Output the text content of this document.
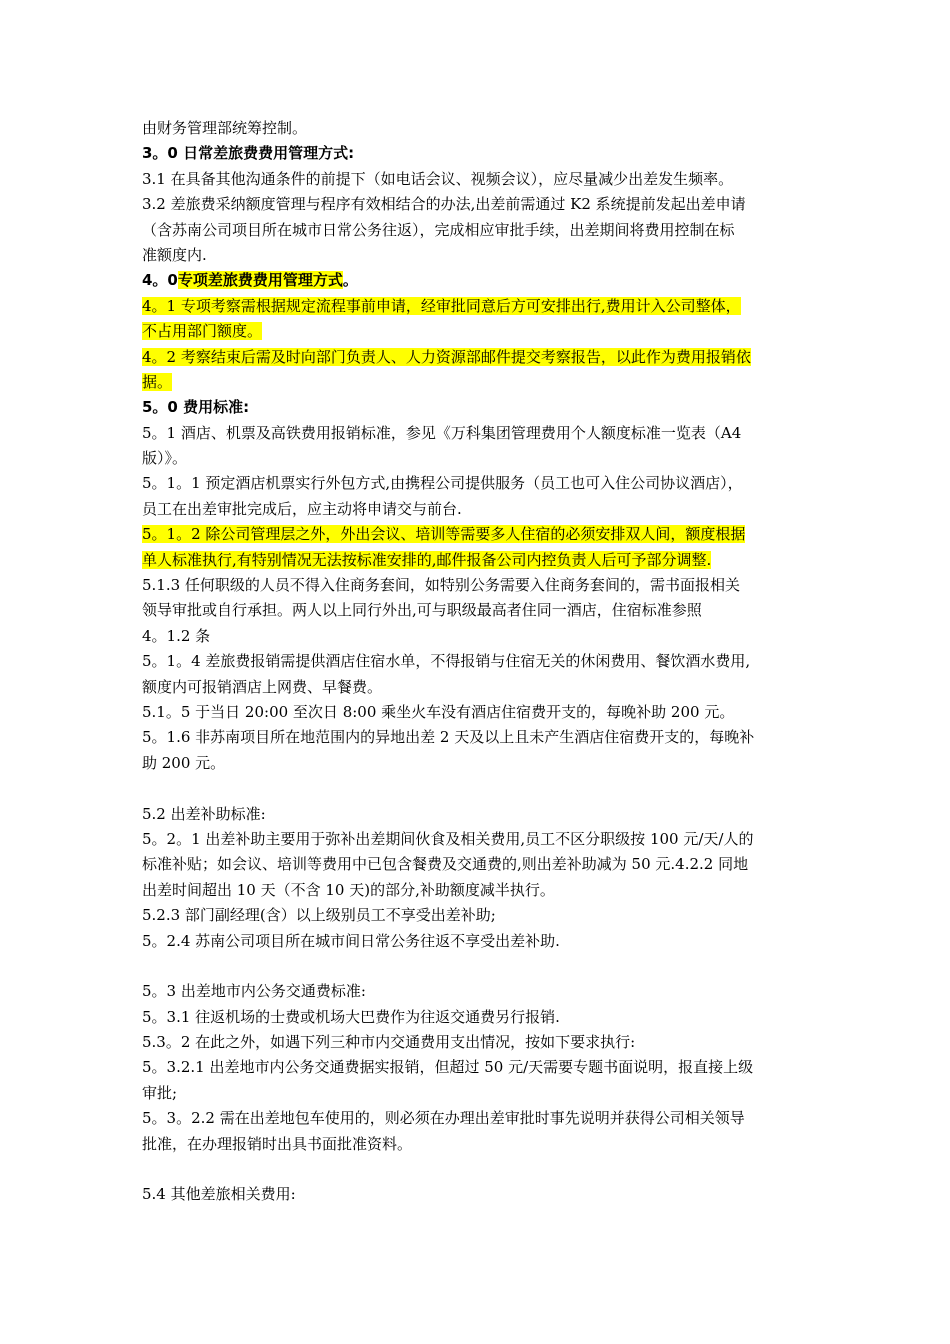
由财务管理部统筹控制。
3。0 日常差旅费费用管理方式:
3.1 在具备其他沟通条件的前提下（如电话会议、视频会议），应尽量减少出差发生频率。
3.2 差旅费采纳额度管理与程序有效相结合的办法,出差前需通过 K2 系统提前发起出差申请
（含苏南公司项目所在城市日常公务往返），完成相应审批手续，出差期间将费用控制在标
准额度内.
4。0专项差旅费费用管理方式。
4。1 专项考察需根据规定流程事前申请，经审批同意后方可安排出行,费用计入公司整体，
不占用部门额度。
4。2 考察结束后需及时向部门负责人、人力资源部邮件提交考察报告，以此作为费用报销依
据。
5。0 费用标准:
5。1 酒店、机票及高铁费用报销标准，参见《万科集团管理费用个人额度标准一览表（A4
版）》。
5。1。1 预定酒店机票实行外包方式,由携程公司提供服务（员工也可入住公司协议酒店），
员工在出差审批完成后，应主动将申请交与前台.
5。1。2 除公司管理层之外，外出会议、培训等需要多人住宿的必须安排双人间，额度根据
单人标准执行,有特别情况无法按标准安排的,邮件报备公司内控负责人后可予部分调整.
5.1.3 任何职级的人员不得入住商务套间，如特别公务需要入住商务套间的，需书面报相关
领导审批或自行承担。两人以上同行外出,可与职级最高者住同一酒店，住宿标准参照
4。1.2 条
5。1。4 差旅费报销需提供酒店住宿水单，不得报销与住宿无关的休闲费用、餐饮酒水费用,
额度内可报销酒店上网费、早餐费。
5.1。5 于当日 20:00 至次日 8:00 乘坐火车没有酒店住宿费开支的，每晚补助 200 元。
5。1.6 非苏南项目所在地范围内的异地出差 2 天及以上且未产生酒店住宿费开支的，每晚补
助 200 元。
5.2 出差补助标准:
5。2。1 出差补助主要用于弥补出差期间伙食及相关费用,员工不区分职级按 100 元/天/人的
标准补贴；如会议、培训等费用中已包含餐费及交通费的,则出差补助减为 50 元.4.2.2 同地
出差时间超出 10 天（不含 10 天)的部分,补助额度减半执行。
5.2.3 部门副经理(含）以上级别员工不享受出差补助;
5。2.4 苏南公司项目所在城市间日常公务往返不享受出差补助.
5。3 出差地市内公务交通费标准:
5。3.1 往返机场的士费或机场大巴费作为往返交通费另行报销.
5.3。2 在此之外，如遇下列三种市内交通费用支出情况，按如下要求执行:
5。3.2.1 出差地市内公务交通费据实报销，但超过 50 元/天需要专题书面说明，报直接上级
审批;
5。3。2.2 需在出差地包车使用的，则必须在办理出差审批时事先说明并获得公司相关领导
批准，在办理报销时出具书面批准资料。
5.4 其他差旅相关费用:
